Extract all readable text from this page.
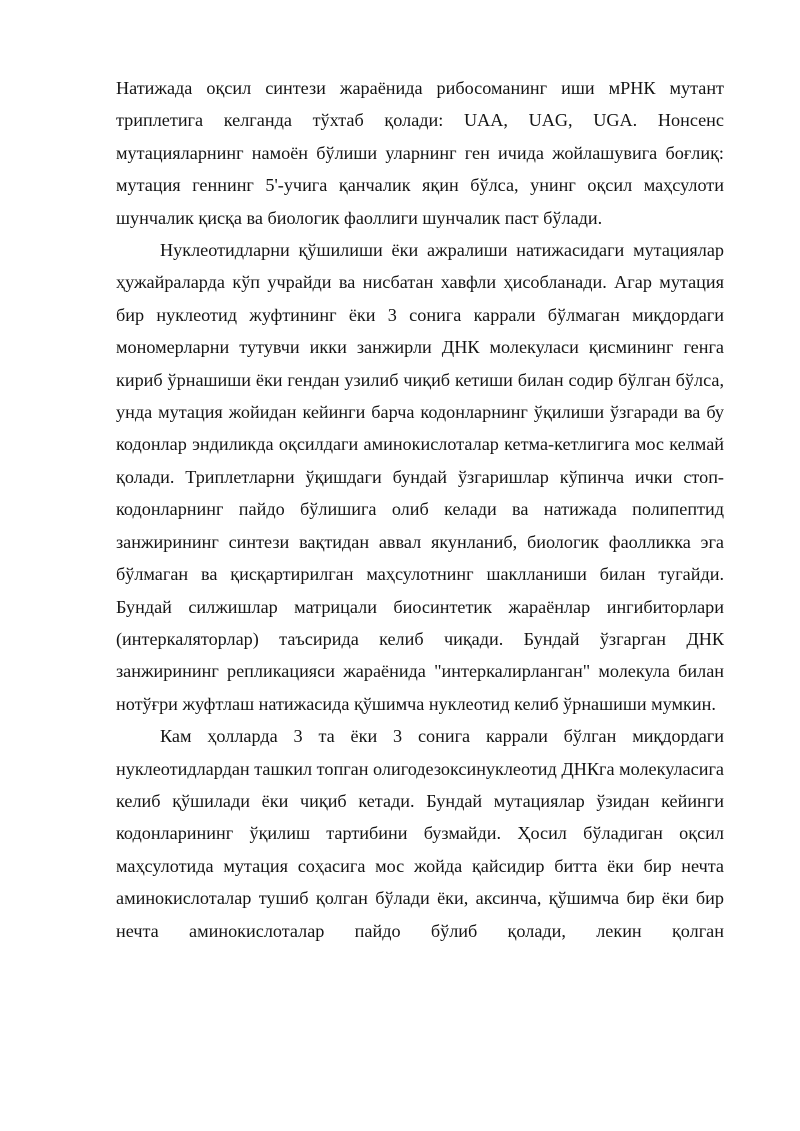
Натижада оқсил синтези жараёнида рибосоманинг иши мРНК мутант триплетига келганда тўхтаб қолади: UAA, UAG, UGA. Нонсенс мутацияларнинг намоён бўлиши уларнинг ген ичида жойлашувига боғлиқ: мутация геннинг 5'-учига қанчалик яқин бўлса, унинг оқсил маҳсулоти шунчалик қисқа ва биологик фаоллиги шунчалик паст бўлади.

Нуклеотидларни қўшилиши ёки ажралиши натижасидаги мутациялар ҳужайраларда кўп учрайди ва нисбатан хавфли ҳисобланади. Агар мутация бир нуклеотид жуфтининг ёки 3 сонига каррали бўлмаган миқдордаги мономерларни тутувчи икки занжирли ДНК молекуласи қисмининг генга кириб ўрнашиши ёки гендан узилиб чиқиб кетиши билан содир бўлган бўлса, унда мутация жойидан кейинги барча кодонларнинг ўқилиши ўзгаради ва бу кодонлар эндиликда оқсилдаги аминокислоталар кетма-кетлигига мос келмай қолади. Триплетларни ўқишдаги бундай ўзгаришлар кўпинча ички стоп-кодонларнинг пайдо бўлишига олиб келади ва натижада полипептид занжирининг синтези вақтидан аввал якунланиб, биологик фаолликка эга бўлмаган ва қисқартирилган маҳсулотнинг шаклланиши билан тугайди. Бундай силжишлар матрицали биосинтетик жараёнлар ингибиторлари (интеркаляторлар) таъсирида келиб чиқади. Бундай ўзгарган ДНК занжирининг репликацияси жараёнида "интеркалирланган" молекула билан нотўғри жуфтлаш натижасида қўшимча нуклеотид келиб ўрнашиши мумкин.

Кам ҳолларда 3 та ёки 3 сонига каррали бўлган миқдордаги нуклеотидлардан ташкил топган олигодезоксинуклеотид ДНКга молекуласига келиб қўшилади ёки чиқиб кетади. Бундай мутациялар ўзидан кейинги кодонларининг ўқилиш тартибини бузмайди. Ҳосил бўладиган оқсил маҳсулотида мутация соҳасига мос жойда қайсидир битта ёки бир нечта аминокислоталар тушиб қолган бўлади ёки, аксинча, қўшимча бир ёки бир нечта аминокислоталар пайдо бўлиб қолади, лекин қолган
